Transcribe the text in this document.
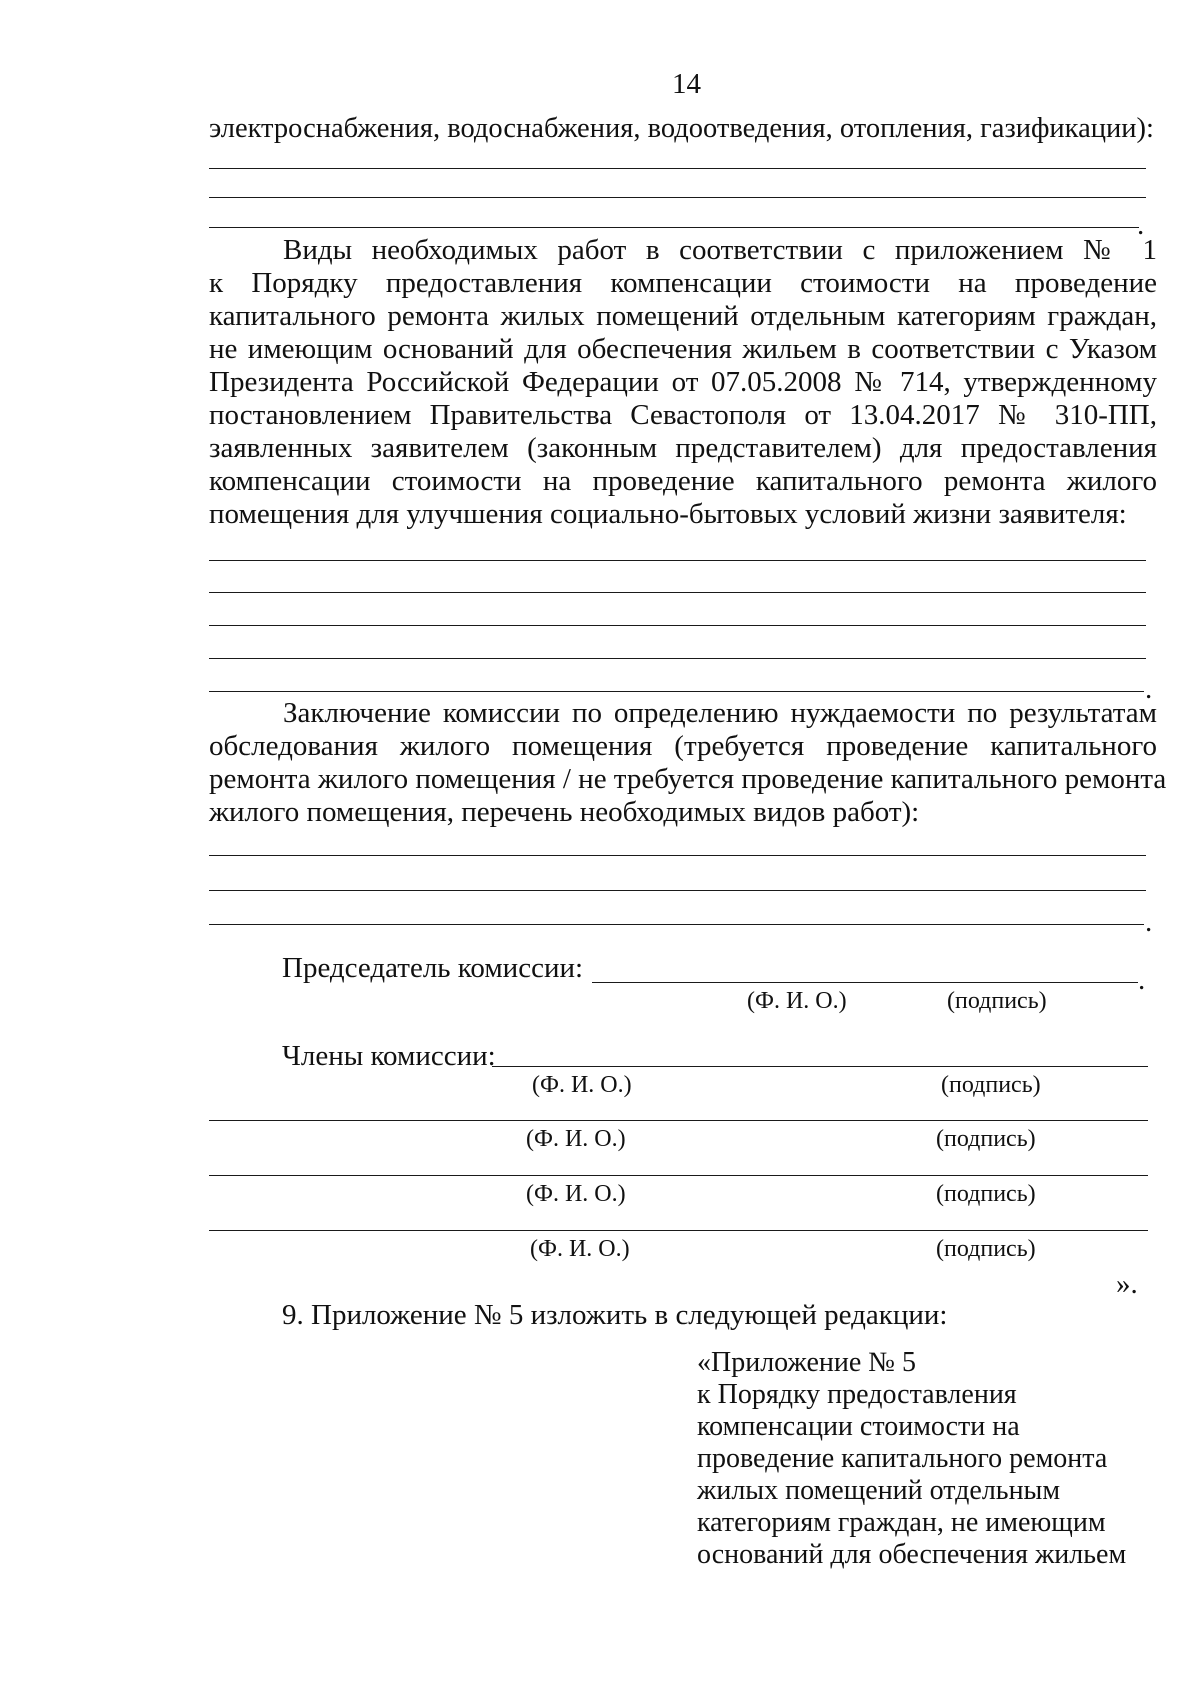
14
электроснабжения, водоснабжения, водоотведения, отопления, газификации):
.
Виды необходимых работ в соответствии с приложением № 1
к Порядку предоставления компенсации стоимости на проведение
капитального ремонта жилых помещений отдельным категориям граждан,
не имеющим оснований для обеспечения жильем в соответствии с Указом
Президента Российской Федерации от 07.05.2008 № 714, утвержденному
постановлением Правительства Севастополя от 13.04.2017 № 310-ПП,
заявленных заявителем (законным представителем) для предоставления
компенсации стоимости на проведение капитального ремонта жилого
помещения для улучшения социально-бытовых условий жизни заявителя:
.
Заключение комиссии по определению нуждаемости по результатам
обследования жилого помещения (требуется проведение капитального
ремонта жилого помещения / не требуется проведение капитального ремонта
жилого помещения, перечень необходимых видов работ):
.
Председатель комиссии:	.
(Ф. И. О.)	(подпись)
Члены комиссии:
(Ф. И. О.)	(подпись)
(Ф. И. О.)	(подпись)
(Ф. И. О.)	(подпись)
(Ф. И. О.)	(подпись)
».
9. Приложение № 5 изложить в следующей редакции:
«Приложение № 5
к Порядку предоставления
компенсации стоимости на
проведение капитального ремонта
жилых помещений отдельным
категориям граждан, не имеющим
оснований для обеспечения жильем
